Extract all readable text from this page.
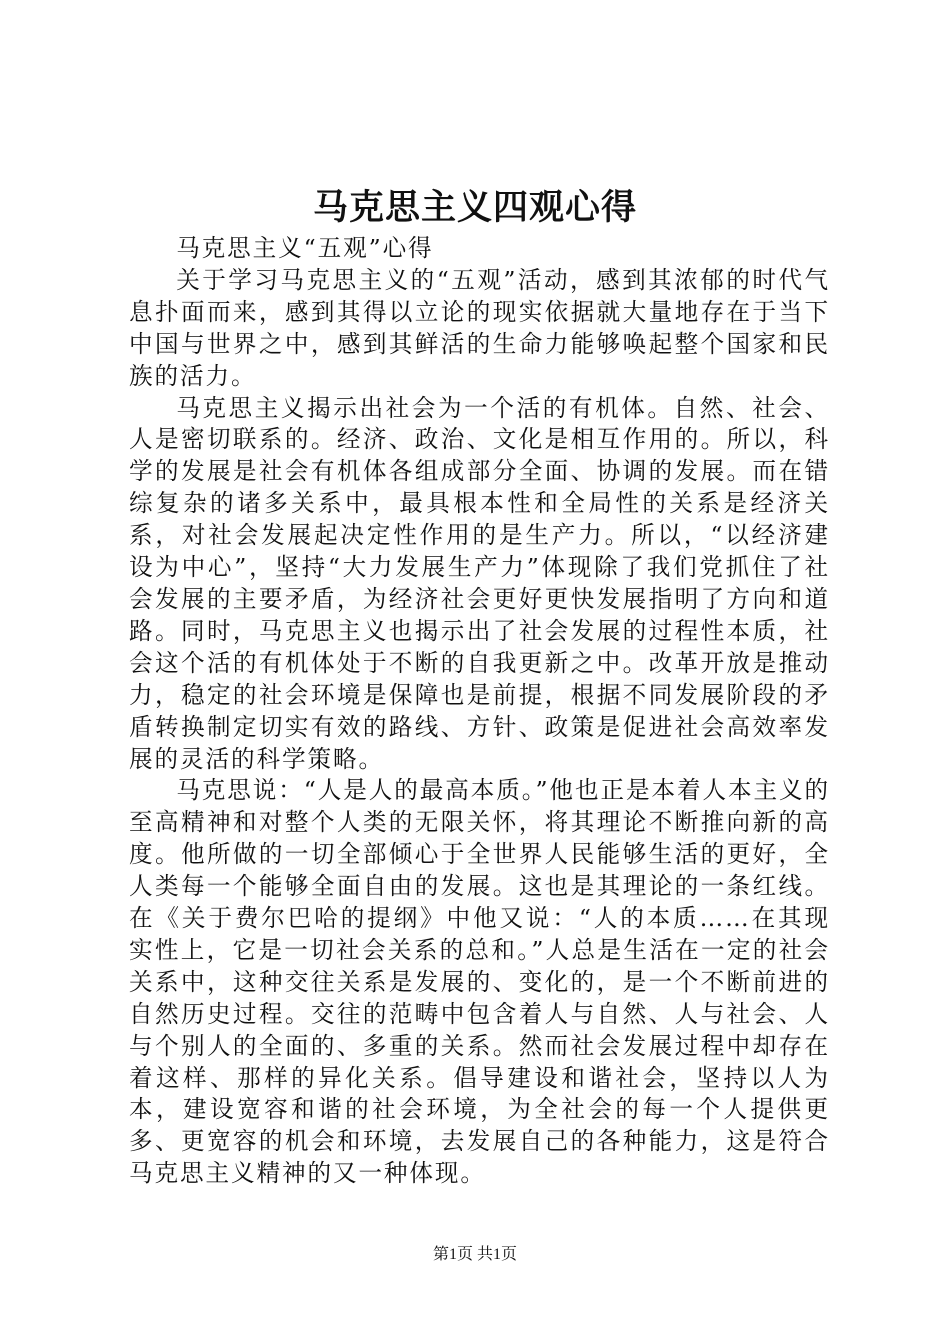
马克思主义四观心得

马克思主义“五观”心得

关于学习马克思主义的“五观”活动，感到其浓郁的时代气息扑面而来，感到其得以立论的现实依据就大量地存在于当下中国与世界之中，感到其鲜活的生命力能够唤起整个国家和民族的活力。

马克思主义揭示出社会为一个活的有机体。自然、社会、人是密切联系的。经济、政治、文化是相互作用的。所以，科学的发展是社会有机体各组成部分全面、协调的发展。而在错综复杂的诸多关系中，最具根本性和全局性的关系是经济关系，对社会发展起决定性作用的是生产力。所以，“以经济建设为中心”，坚持“大力发展生产力”体现除了我们党抓住了社会发展的主要矛盾，为经济社会更好更快发展指明了方向和道路。同时，马克思主义也揭示出了社会发展的过程性本质，社会这个活的有机体处于不断的自我更新之中。改革开放是推动力，稳定的社会环境是保障也是前提，根据不同发展阶段的矛盾转换制定切实有效的路线、方针、政策是促进社会高效率发展的灵活的科学策略。

马克思说：“人是人的最高本质。”他也正是本着人本主义的至高精神和对整个人类的无限关怀，将其理论不断推向新的高度。他所做的一切全部倾心于全世界人民能够生活的更好，全人类每一个能够全面自由的发展。这也是其理论的一条红线。在《关于费尔巴哈的提纲》中他又说：“人的本质……在其现实性上，它是一切社会关系的总和。”人总是生活在一定的社会关系中，这种交往关系是发展的、变化的，是一个不断前进的自然历史过程。交往的范畴中包含着人与自然、人与社会、人与个别人的全面的、多重的关系。然而社会发展过程中却存在着这样、那样的异化关系。倡导建设和谐社会，坚持以人为本，建设宽容和谐的社会环境，为全社会的每一个人提供更多、更宽容的机会和环境，去发展自己的各种能力，这是符合马克思主义精神的又一种体现。

第1页 共1页
